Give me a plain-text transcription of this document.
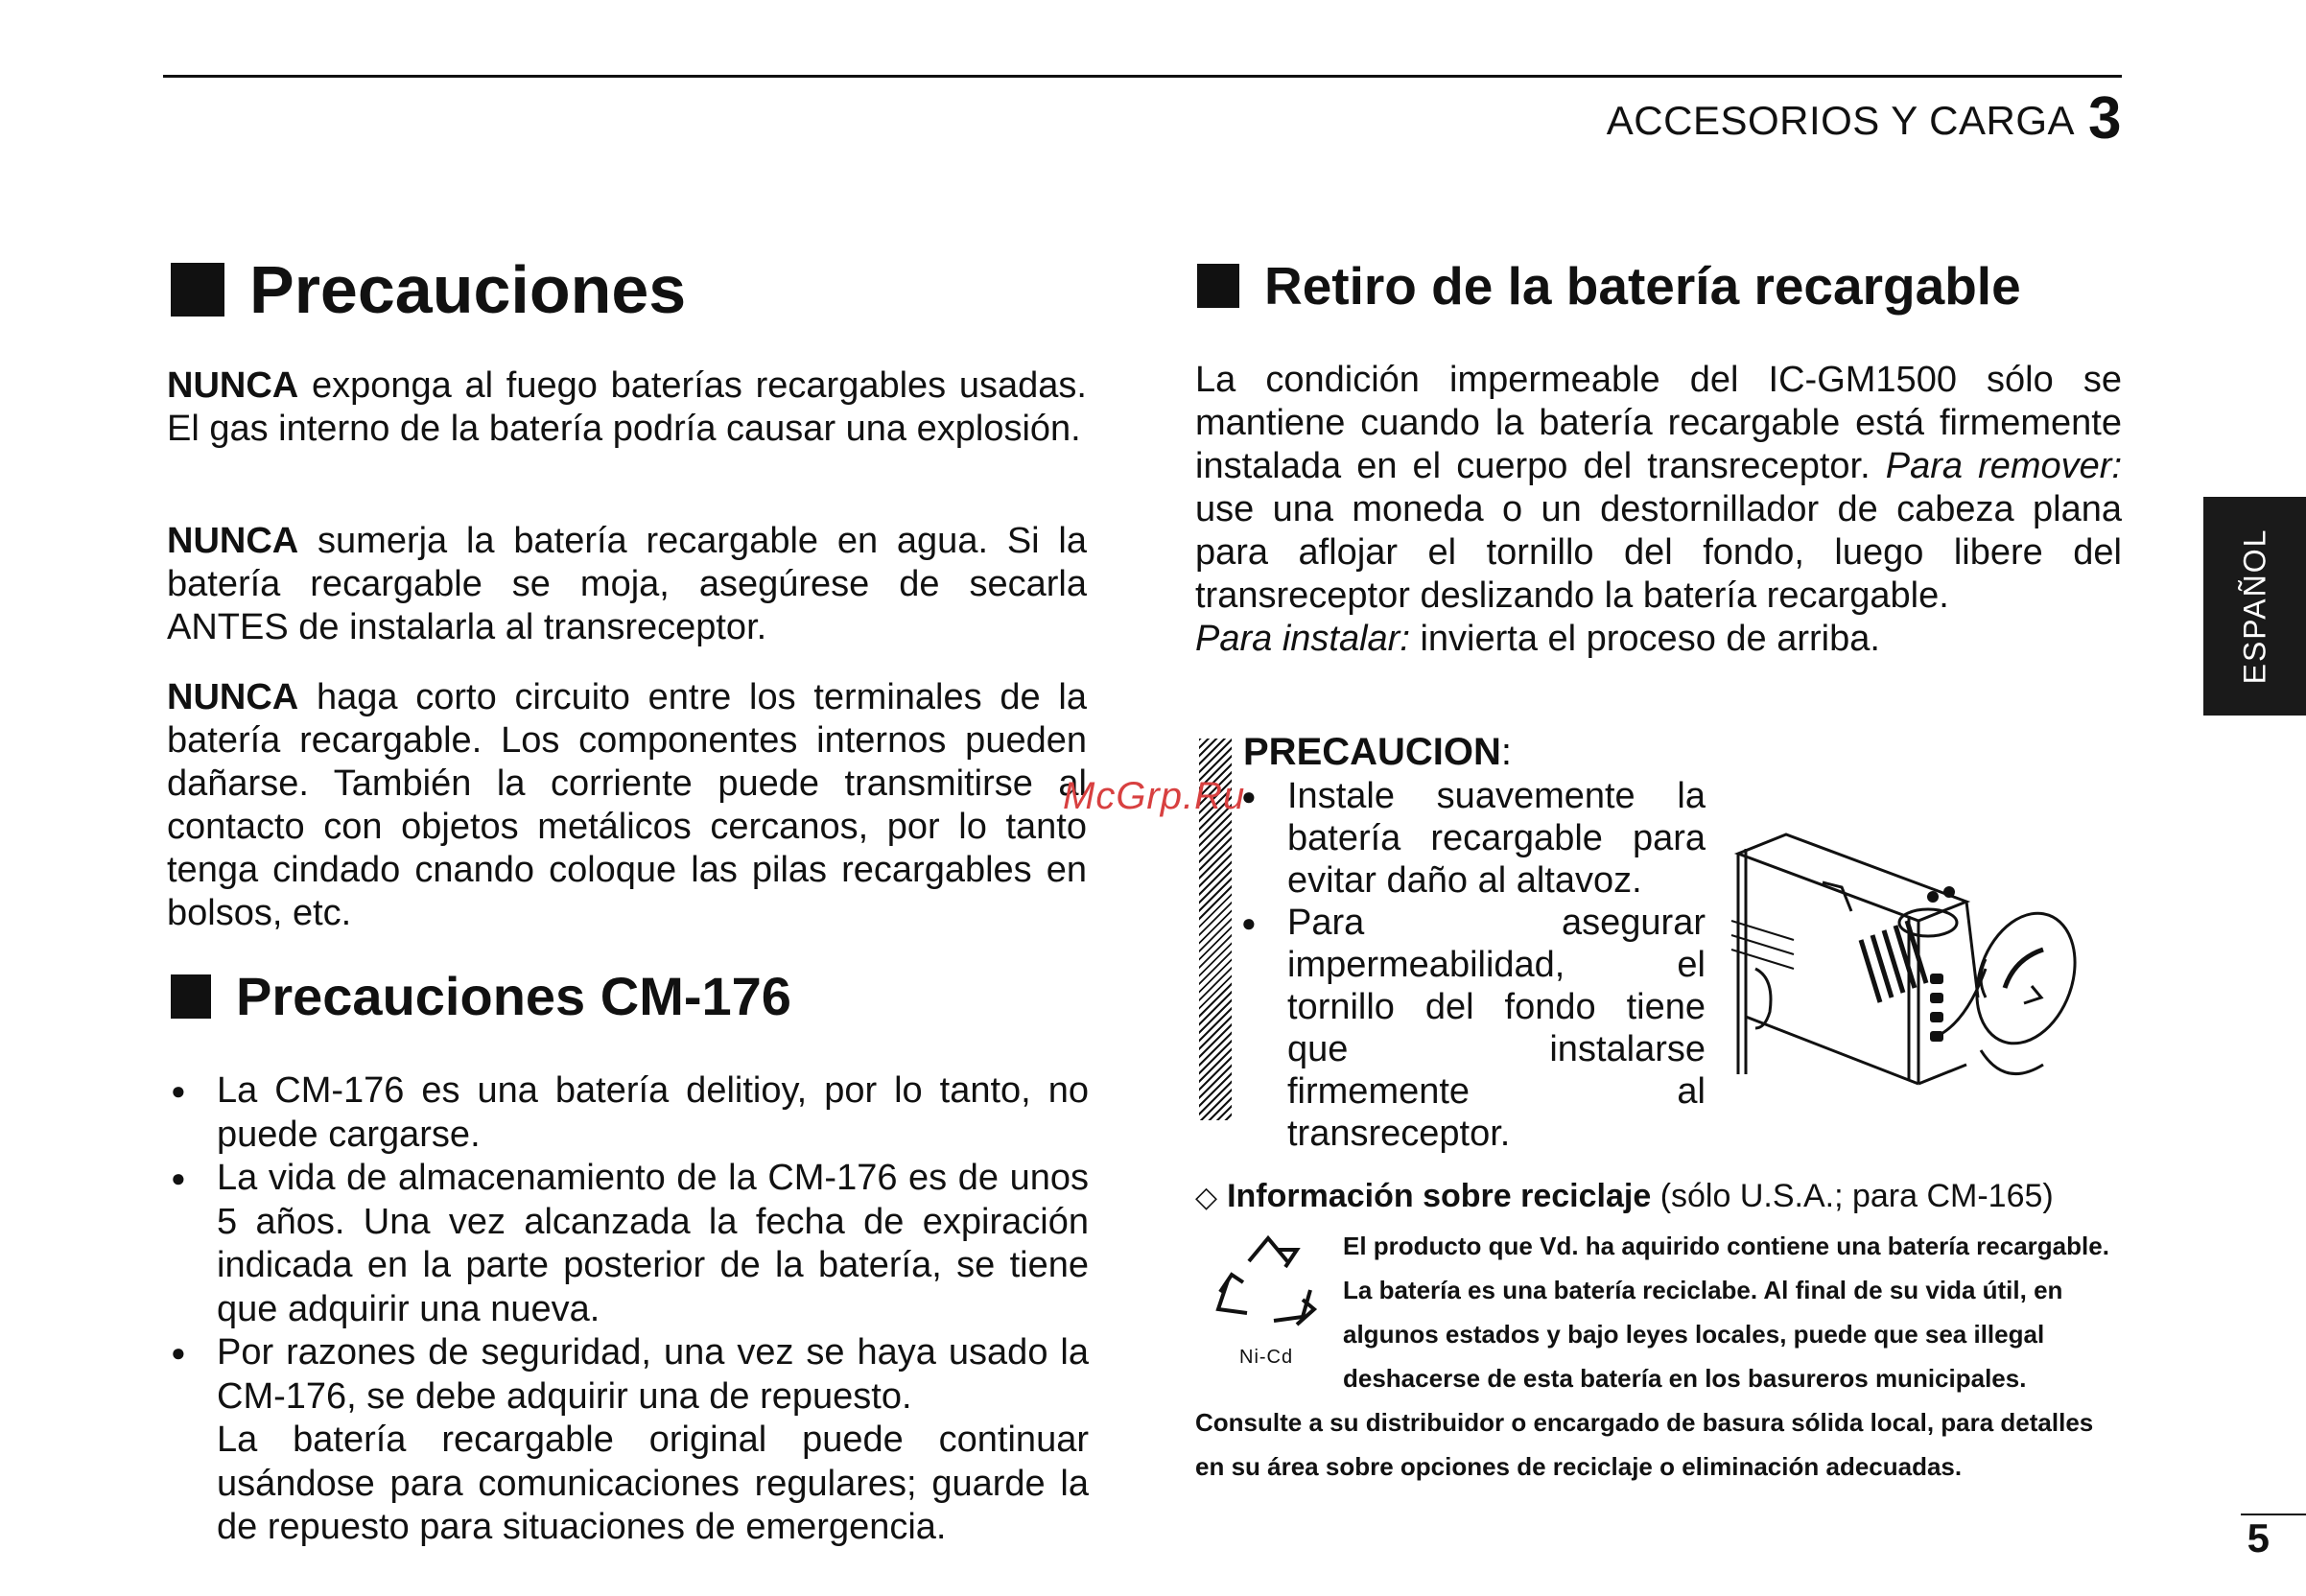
ACCESORIOS Y CARGA 3
Precauciones
NUNCA exponga al fuego baterías recargables usadas. El gas interno de la batería podría causar una explosión.
NUNCA sumerja la batería recargable en agua. Si la batería recargable se moja, asegúrese de secarla ANTES de instalarla al transreceptor.
NUNCA haga corto circuito entre los terminales de la batería recargable. Los componentes internos pueden dañarse. También la corriente puede transmitirse al contacto con objetos metálicos cercanos, por lo tanto tenga cindado cnando coloque las pilas recargables en bolsos, etc.
Precauciones CM-176
● La CM-176 es una batería delitioy, por lo tanto, no puede cargarse.
● La vida de almacenamiento de la CM-176 es de unos 5 años. Una vez alcanzada la fecha de expiración indicada en la parte posterior de la batería, se tiene que adquirir una nueva.
● Por razones de seguridad, una vez se haya usado la CM-176, se debe adquirir una de repuesto.
La batería recargable original puede continuar usándose para comunicaciones regulares; guarde la de repuesto para situaciones de emergencia.
Retiro de la batería recargable
La condición impermeable del IC-GM1500 sólo se mantiene cuando la batería recargable está firmemente instalada en el cuerpo del transreceptor. Para remover: use una moneda o un destornillador de cabeza plana para aflojar el tornillo del fondo, luego libere del transreceptor deslizando la batería recargable.
Para instalar: invierta el proceso de arriba.
PRECAUCION:
● Instale suavemente la batería recargable para evitar daño al altavoz.
● Para asegurar impermeabilidad, el tornillo del fondo tiene que instalarse firmemente al transreceptor.
◇ Información sobre reciclaje (sólo U.S.A.; para CM-165)
Ni-Cd
El producto que Vd. ha aquirido contiene una batería recargable.
La batería es una batería reciclabe. Al final de su vida útil, en
algunos estados y bajo leyes locales, puede que sea illegal
deshacerse de esta batería en los basureros municipales.
Consulte a su distribuidor o encargado de basura sólida local, para detalles
en su área sobre opciones de reciclaje o eliminación adecuadas.
ESPAÑOL
McGrp.Ru
5
